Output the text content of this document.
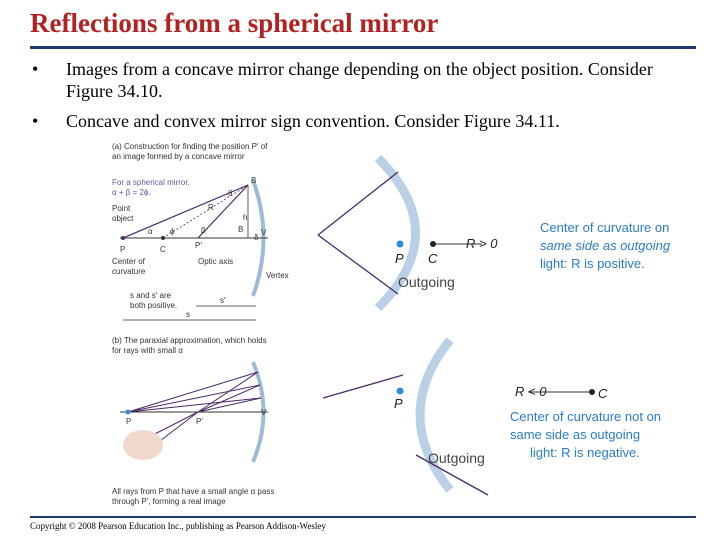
Reflections from a spherical mirror
•	Images from a concave mirror change depending on the object position. Consider Figure 34.10.
•	Concave and convex mirror sign convention. Consider Figure 34.11.
(a) Construction for finding the position P′ of
an image formed by a concave mirror
For a spherical mirror,
α + β = 2ϕ.
Point
object
Center of
curvature
P	C	P′
B V
B
h
R
α ϕ	β
θ
δ
Optic axis
Vertex
s and s′ are
both positive.
s′
s
(b) The paraxial approximation, which holds
for rays with small α
P	P′
V
All rays from P that have a small angle α pass
through P′, forming a real image
P C
R > 0
Outgoing
Center of curvature on
same side as outgoing
light: R is positive.
P
C
R < 0
Outgoing
Center of curvature not on
same side as outgoing
light: R is negative.
Copyright © 2008 Pearson Education Inc., publishing as Pearson Addison-Wesley
